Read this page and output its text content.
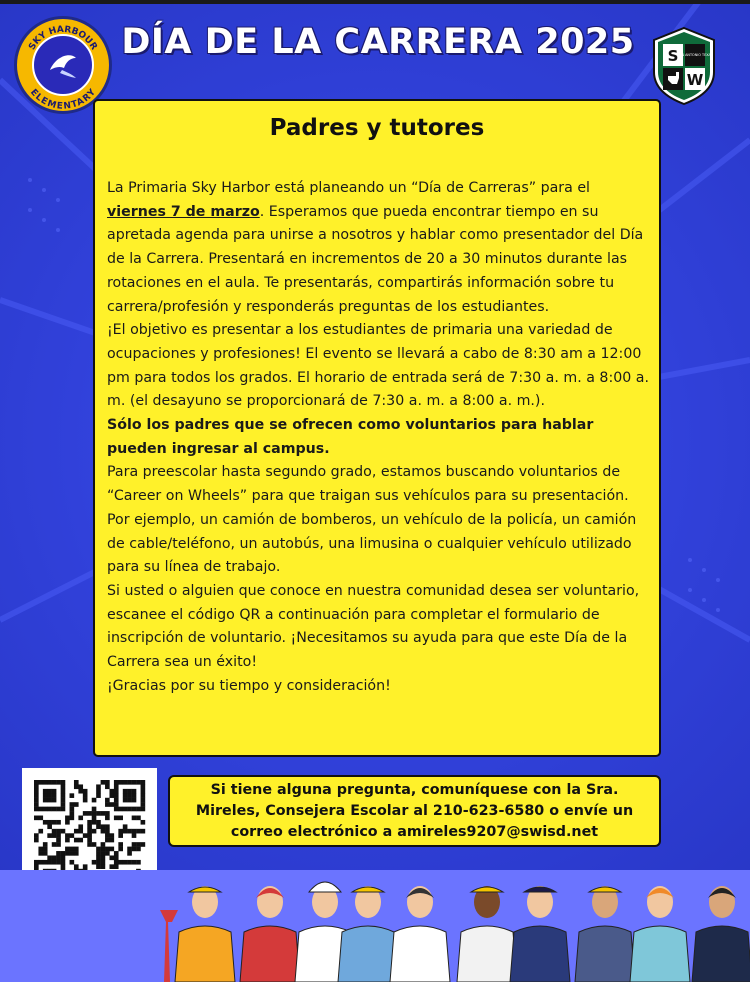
SKY HARBOUR
ELEMENTARY
DÍA DE LA CARRERA 2025 S
W
SAN ANTONIO TEXAS
Padres y tutores

La Primaria Sky Harbor está planeando un “Día de Carreras” para el viernes 7 de marzo. Esperamos que pueda encontrar tiempo en su apretada agenda para unirse a nosotros y hablar como presentador del Día de la Carrera. Presentará en incrementos de 20 a 30 minutos durante las rotaciones en el aula. Te presentarás, compartirás información sobre tu carrera/profesión y responderás preguntas de los estudiantes.

¡El objetivo es presentar a los estudiantes de primaria una variedad de ocupaciones y profesiones! El evento se llevará a cabo de 8:30 am a 12:00 pm para todos los grados. El horario de entrada será de 7:30 a. m. a 8:00 a. m. (el desayuno se proporcionará de 7:30 a. m. a 8:00 a. m.).

Sólo los padres que se ofrecen como voluntarios para hablar pueden ingresar al campus.

Para preescolar hasta segundo grado, estamos buscando voluntarios de “Career on Wheels” para que traigan sus vehículos para su presentación. Por ejemplo, un camión de bomberos, un vehículo de la policía, un camión de cable/teléfono, un autobús, una limusina o cualquier vehículo utilizado para su línea de trabajo.

Si usted o alguien que conoce en nuestra comunidad desea ser voluntario, escanee el código QR a continuación para completar el formulario de inscripción de voluntario. ¡Necesitamos su ayuda para que este Día de la Carrera sea un éxito!

¡Gracias por su tiempo y consideración!

Si tiene alguna pregunta, comuníquese con la Sra. Mireles, Consejera Escolar al 210-623-6580 o envíe un correo electrónico a amireles9207@swisd.net
